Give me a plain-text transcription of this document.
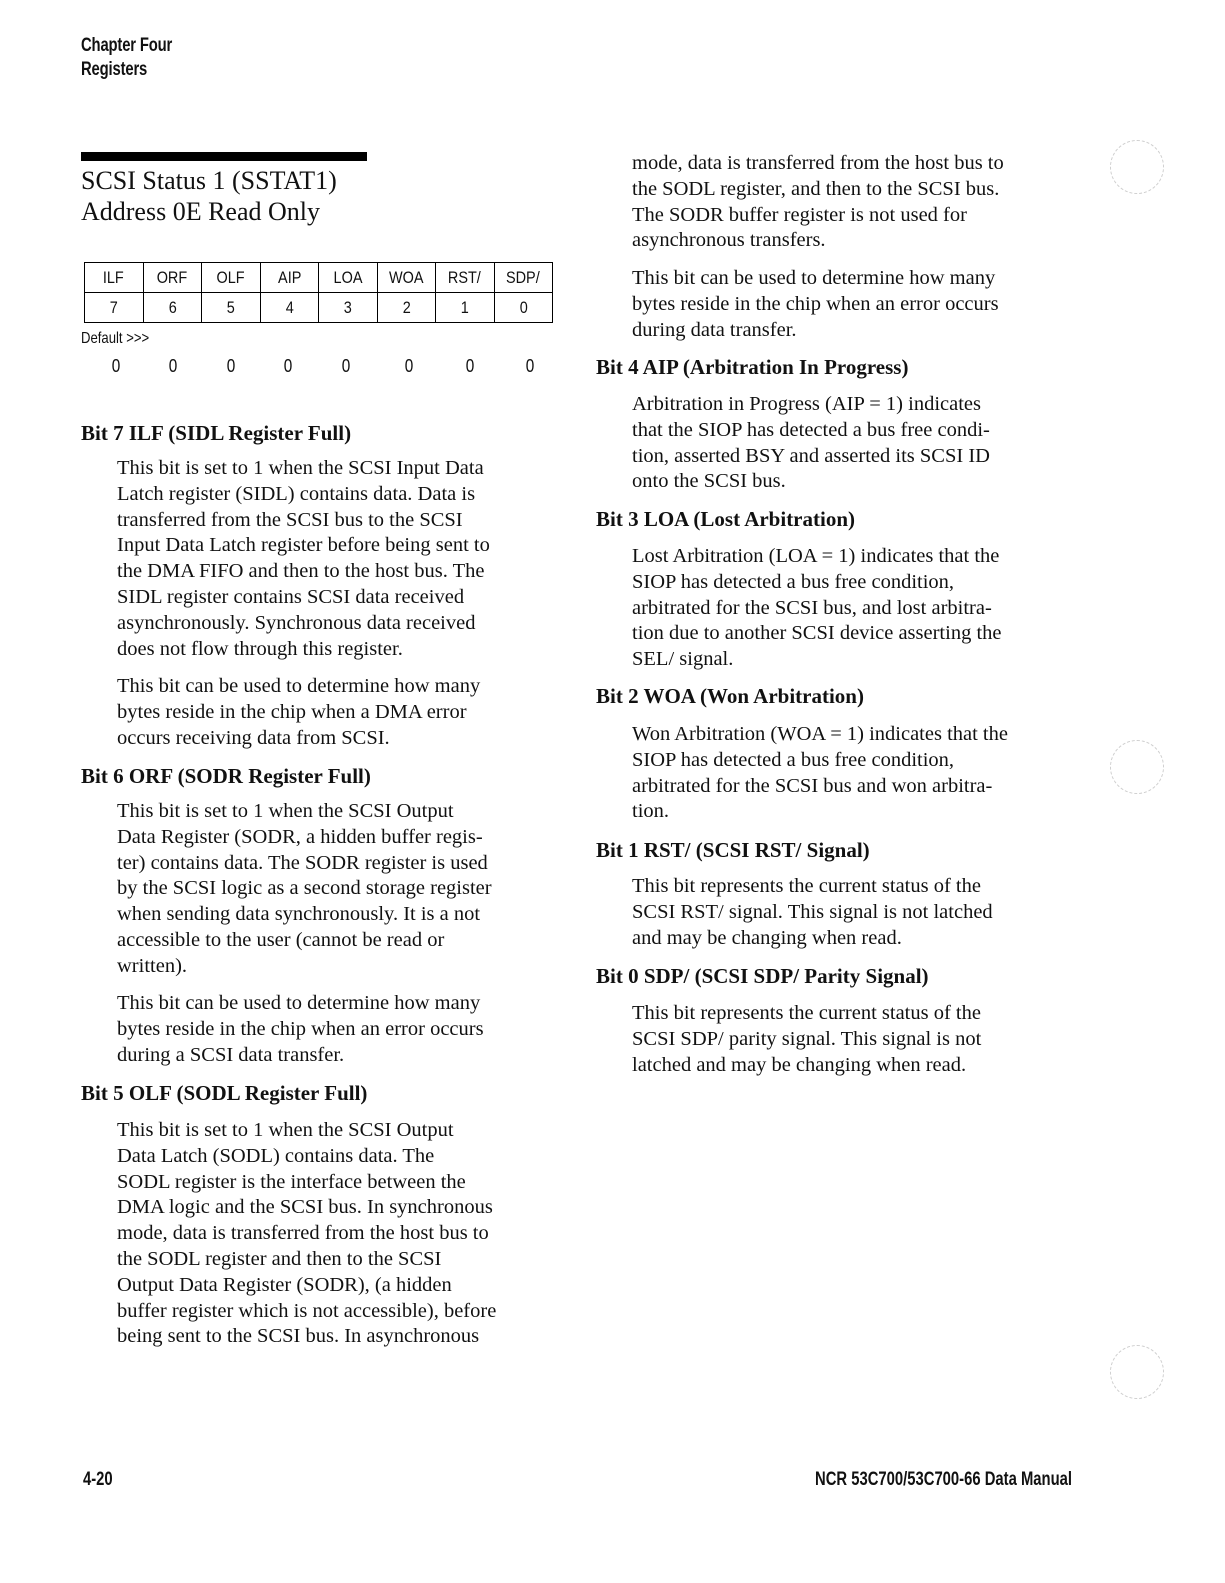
Chapter Four
Registers
SCSI Status 1 (SSTAT1)
Address 0E Read Only
ILF	ORF	OLF	AIP	LOA	WOA	RST/	SDP/
7	6	5	4	3	2	1	0
Default >>>
0	0	0	0	0	0	0	0
Bit 7 ILF (SIDL Register Full)
This bit is set to 1 when the SCSI Input Data
Latch register (SIDL) contains data. Data is
transferred from the SCSI bus to the SCSI
Input Data Latch register before being sent to
the DMA FIFO and then to the host bus. The
SIDL register contains SCSI data received
asynchronously. Synchronous data received
does not flow through this register.
This bit can be used to determine how many
bytes reside in the chip when a DMA error
occurs receiving data from SCSI.
Bit 6 ORF (SODR Register Full)
This bit is set to 1 when the SCSI Output
Data Register (SODR, a hidden buffer regis-
ter) contains data. The SODR register is used
by the SCSI logic as a second storage register
when sending data synchronously. It is a not
accessible to the user (cannot be read or
written).
This bit can be used to determine how many
bytes reside in the chip when an error occurs
during a SCSI data transfer.
Bit 5 OLF (SODL Register Full)
This bit is set to 1 when the SCSI Output
Data Latch (SODL) contains data. The
SODL register is the interface between the
DMA logic and the SCSI bus. In synchronous
mode, data is transferred from the host bus to
the SODL register and then to the SCSI
Output Data Register (SODR), (a hidden
buffer register which is not accessible), before
being sent to the SCSI bus. In asynchronous
mode, data is transferred from the host bus to
the SODL register, and then to the SCSI bus.
The SODR buffer register is not used for
asynchronous transfers.
This bit can be used to determine how many
bytes reside in the chip when an error occurs
during data transfer.
Bit 4 AIP (Arbitration In Progress)
Arbitration in Progress (AIP = 1) indicates
that the SIOP has detected a bus free condi-
tion, asserted BSY and asserted its SCSI ID
onto the SCSI bus.
Bit 3 LOA (Lost Arbitration)
Lost Arbitration (LOA = 1) indicates that the
SIOP has detected a bus free condition,
arbitrated for the SCSI bus, and lost arbitra-
tion due to another SCSI device asserting the
SEL/ signal.
Bit 2 WOA (Won Arbitration)
Won Arbitration (WOA = 1) indicates that the
SIOP has detected a bus free condition,
arbitrated for the SCSI bus and won arbitra-
tion.
Bit 1 RST/ (SCSI RST/ Signal)
This bit represents the current status of the
SCSI RST/ signal. This signal is not latched
and may be changing when read.
Bit 0 SDP/ (SCSI SDP/ Parity Signal)
This bit represents the current status of the
SCSI SDP/ parity signal. This signal is not
latched and may be changing when read.
4-20	NCR 53C700/53C700-66 Data Manual
